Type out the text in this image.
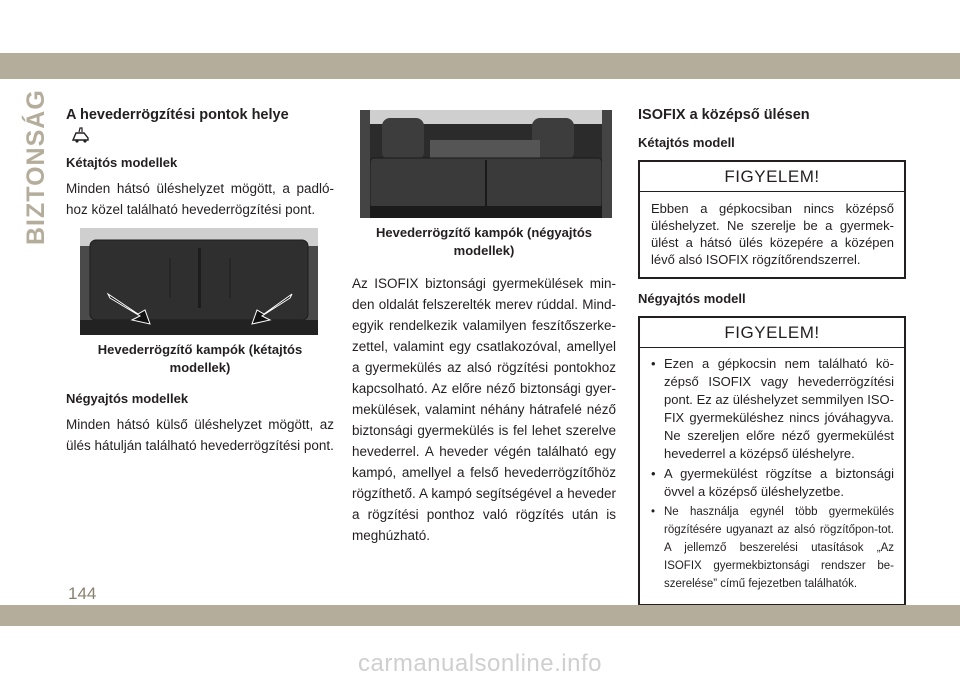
BIZTONSÁG A hevederrögzítési pontok helye
Kétajtós modellek

Minden hátsó üléshelyzet mögött, a padló-hoz közel található hevederrögzítési pont.

Hevederrögzítő kampók (kétajtós modellek)
Négyajtós modellek

Minden hátsó külső üléshelyzet mögött, az ülés hátulján található hevederrögzítési pont.

Hevederrögzítő kampók (négyajtós modellek)

Az ISOFIX biztonsági gyermekülések min-den oldalát felszerelték merev rúddal. Mind-egyik rendelkezik valamilyen feszítőszerke-zettel, valamint egy csatlakozóval, amellyel a gyermekülés az alsó rögzítési pontokhoz kapcsolható. Az előre néző biztonsági gyer-mekülések, valamint néhány hátrafelé néző biztonsági gyermekülés is fel lehet szerelve hevederrel. A heveder végén található egy kampó, amellyel a felső hevederrögzítőhöz rögzíthető. A kampó segítségével a heveder a rögzítési ponthoz való rögzítés után is meghúzható.

ISOFIX a középső ülésen
Kétajtós modell
FIGYELEM!
Ebben a gépkocsiban nincs középső üléshelyzet. Ne szerelje be a gyermek-ülést a hátsó ülés közepére a középen lévő alsó ISOFIX rögzítőrendszerrel.
Négyajtós modell
FIGYELEM!
• Ezen a gépkocsin nem található kö-zépső ISOFIX vagy hevederrögzítési pont. Ez az üléshelyzet semmilyen ISO-FIX gyermeküléshez nincs jóváhagyva. Ne szereljen előre néző gyermekülést hevederrel a középső üléshelyre.
• A gyermekülést rögzítse a biztonsági övvel a középső üléshelyzetbe.
• Ne használja egynél több gyermekülés rögzítésére ugyanazt az alsó rögzítőpon-tot. A jellemző beszerelési utasítások „Az ISOFIX gyermekbiztonsági rendszer be-szerelése” című fejezetben találhatók.
144
carmanualsonline.info
